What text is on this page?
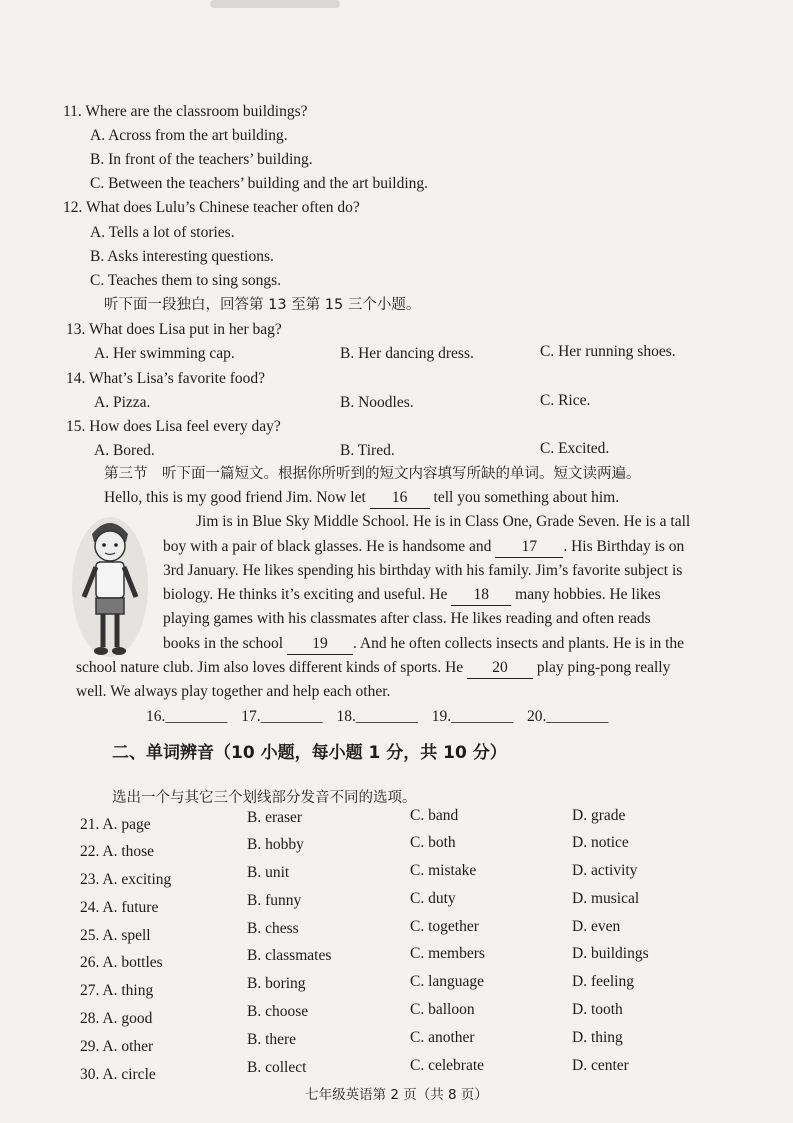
11. Where are the classroom buildings?
A. Across from the art building.
B. In front of the teachers’ building.
C. Between the teachers’ building and the art building.
12. What does Lulu’s Chinese teacher often do?
A. Tells a lot of stories.
B. Asks interesting questions.
C. Teaches them to sing songs.
听下面一段独白，回答第 13 至第 15 三个小题。
13. What does Lisa put in her bag?
A. Her swimming cap.	B. Her dancing dress.	C. Her running shoes.
14. What’s Lisa’s favorite food?
A. Pizza.	B. Noodles.	C. Rice.
15. How does Lisa feel every day?
A. Bored.	B. Tired.	C. Excited.
第三节　听下面一篇短文。根据你所听到的短文内容填写所缺的单词。短文读两遍。
Hello, this is my good friend Jim. Now let 16 tell you something about him.
Jim is in Blue Sky Middle School. He is in Class One, Grade Seven. He is a tall
boy with a pair of black glasses. He is handsome and 17 . His Birthday is on
3rd January. He likes spending his birthday with his family. Jim’s favorite subject is
biology. He thinks it’s exciting and useful. He 18 many hobbies. He likes
playing games with his classmates after class. He likes reading and often reads
books in the school 19 . And he often collects insects and plants. He is in the
school nature club. Jim also loves different kinds of sports. He 20 play ping-pong really
well. We always play together and help each other.
16.________ 17.________ 18.________ 19.________ 20.________
二、单词辨音（10 小题，每小题 1 分，共 10 分）
选出一个与其它三个划线部分发音不同的选项。
21. A. page	B. eraser	C. band	D. grade
22. A. those	B. hobby	C. both	D. notice
23. A. exciting	B. unit	C. mistake	D. activity
24. A. future	B. funny	C. duty	D. musical
25. A. spell	B. chess	C. together	D. even
26. A. bottles	B. classmates	C. members	D. buildings
27. A. thing	B. boring	C. language	D. feeling
28. A. good	B. choose	C. balloon	D. tooth
29. A. other	B. there	C. another	D. thing
30. A. circle	B. collect	C. celebrate	D. center
七年级英语第 2 页（共 8 页）
